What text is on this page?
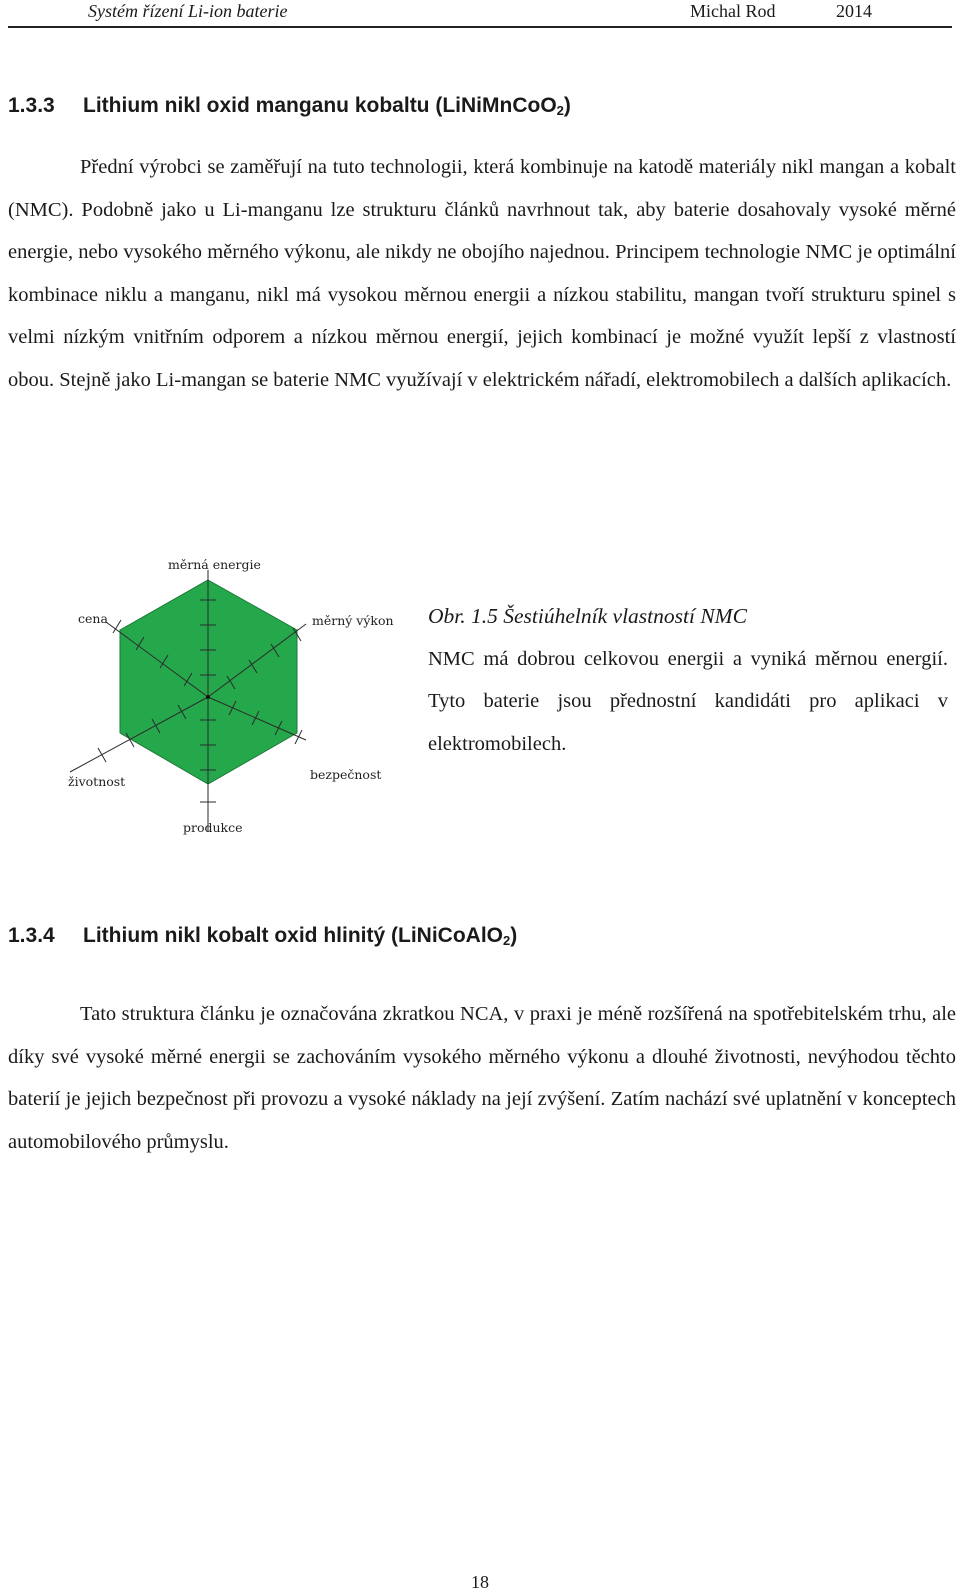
Systém řízení Li-ion baterie	Michal Rod	2014
1.3.3 Lithium nikl oxid manganu kobaltu (LiNiMnCoO$_2$)

Přední výrobci se zaměřují na tuto technologii, která kombinuje na katodě materiály nikl mangan a kobalt (NMC). Podobně jako u Li-manganu lze strukturu článků navrhnout tak, aby baterie dosahovaly vysoké měrné energie, nebo vysokého měrného výkonu, ale nikdy ne obojího najednou. Principem technologie NMC je optimální kombinace niklu a manganu, nikl má vysokou měrnou energii a nízkou stabilitu, mangan tvoří strukturu spinel s velmi nízkým vnitřním odporem a nízkou měrnou energií, jejich kombinací je možné využít lepší z vlastností obou. Stejně jako Li-mangan se baterie NMC využívají v elektrickém nářadí, elektromobilech a dalších aplikacích.

měrná energie
měrný výkon
bezpečnost
produkce
životnost
cena	Obr. 1.5 Šestiúhelník vlastností NMC
NMC má dobrou celkovou energii a vyniká měrnou energií. Tyto baterie jsou přednostní kandidáti pro aplikaci v elektromobilech.
1.3.4 Lithium nikl kobalt oxid hlinitý (LiNiCoAlO$_2$)

Tato struktura článku je označována zkratkou NCA, v praxi je méně rozšířená na spotřebitelském trhu, ale díky své vysoké měrné energii se zachováním vysokého měrného výkonu a dlouhé životnosti, nevýhodou těchto baterií je jejich bezpečnost při provozu a vysoké náklady na její zvýšení. Zatím nachází své uplatnění v konceptech automobilového průmyslu.

18
